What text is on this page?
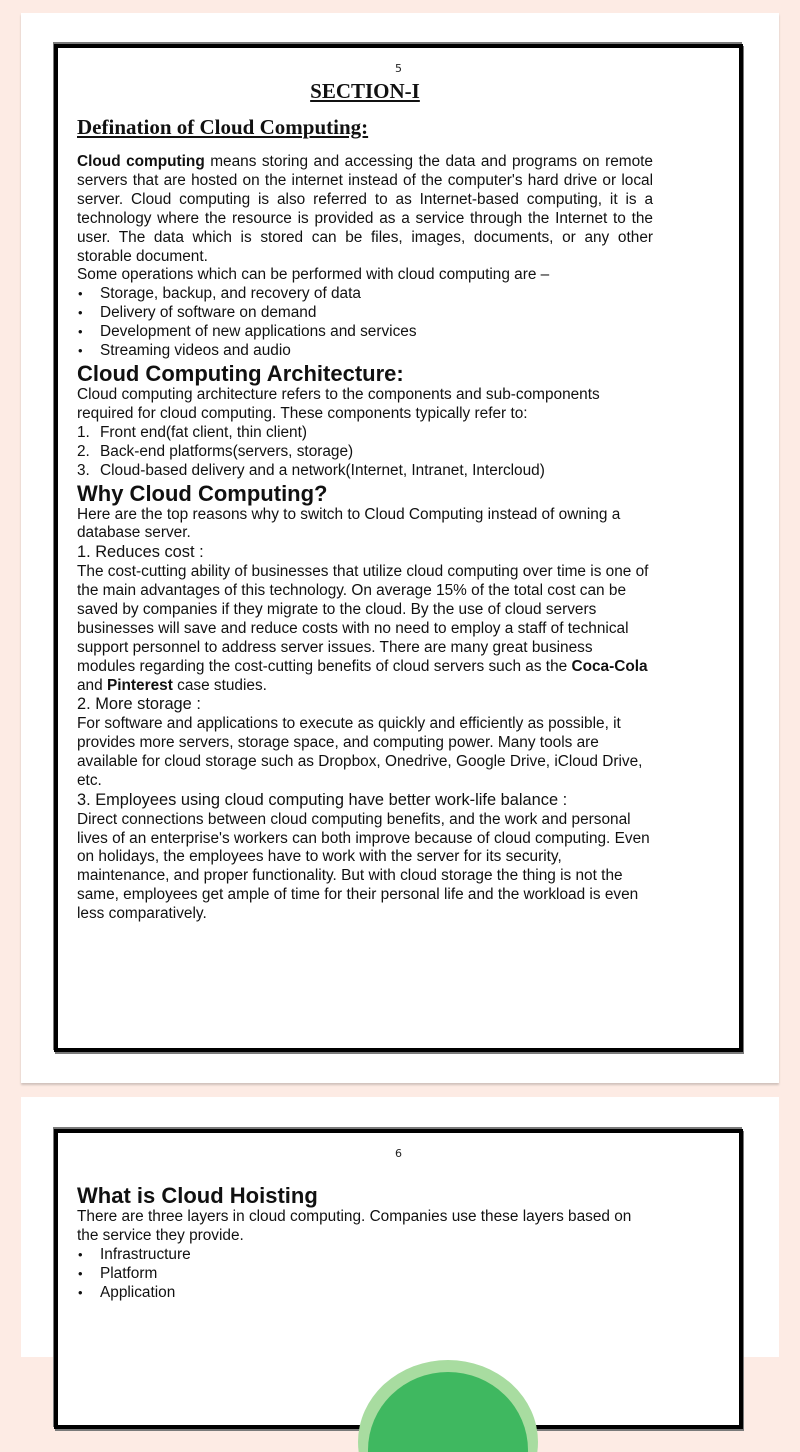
5
SECTION-I
Defination of Cloud Computing:

Cloud computing means storing and accessing the data and programs on remote servers that are hosted on the internet instead of the computer's hard drive or local server. Cloud computing is also referred to as Internet-based computing, it is a technology where the resource is provided as a service through the Internet to the user. The data which is stored can be files, images, documents, or any other storable document.

Some operations which can be performed with cloud computing are –

• Storage, backup, and recovery of data
• Delivery of software on demand
• Development of new applications and services
• Streaming videos and audio
Cloud Computing Architecture:

Cloud computing architecture refers to the components and sub-components required for cloud computing. These components typically refer to:

1. Front end(fat client, thin client)
2. Back-end platforms(servers, storage)
3. Cloud-based delivery and a network(Internet, Intranet, Intercloud)
Why Cloud Computing?

Here are the top reasons why to switch to Cloud Computing instead of owning a database server.

1. Reduces cost :

The cost-cutting ability of businesses that utilize cloud computing over time is one of the main advantages of this technology. On average 15% of the total cost can be saved by companies if they migrate to the cloud. By the use of cloud servers businesses will save and reduce costs with no need to employ a staff of technical support personnel to address server issues. There are many great business modules regarding the cost-cutting benefits of cloud servers such as the Coca-Cola and Pinterest case studies.

2. More storage :

For software and applications to execute as quickly and efficiently as possible, it provides more servers, storage space, and computing power. Many tools are available for cloud storage such as Dropbox, Onedrive, Google Drive, iCloud Drive, etc.

3. Employees using cloud computing have better work-life balance :

Direct connections between cloud computing benefits, and the work and personal lives of an enterprise's workers can both improve because of cloud computing. Even on holidays, the employees have to work with the server for its security, maintenance, and proper functionality. But with cloud storage the thing is not the same, employees get ample of time for their personal life and the workload is even less comparatively.

6
What is Cloud Hoisting

There are three layers in cloud computing. Companies use these layers based on the service they provide.

• Infrastructure
• Platform
• Application
